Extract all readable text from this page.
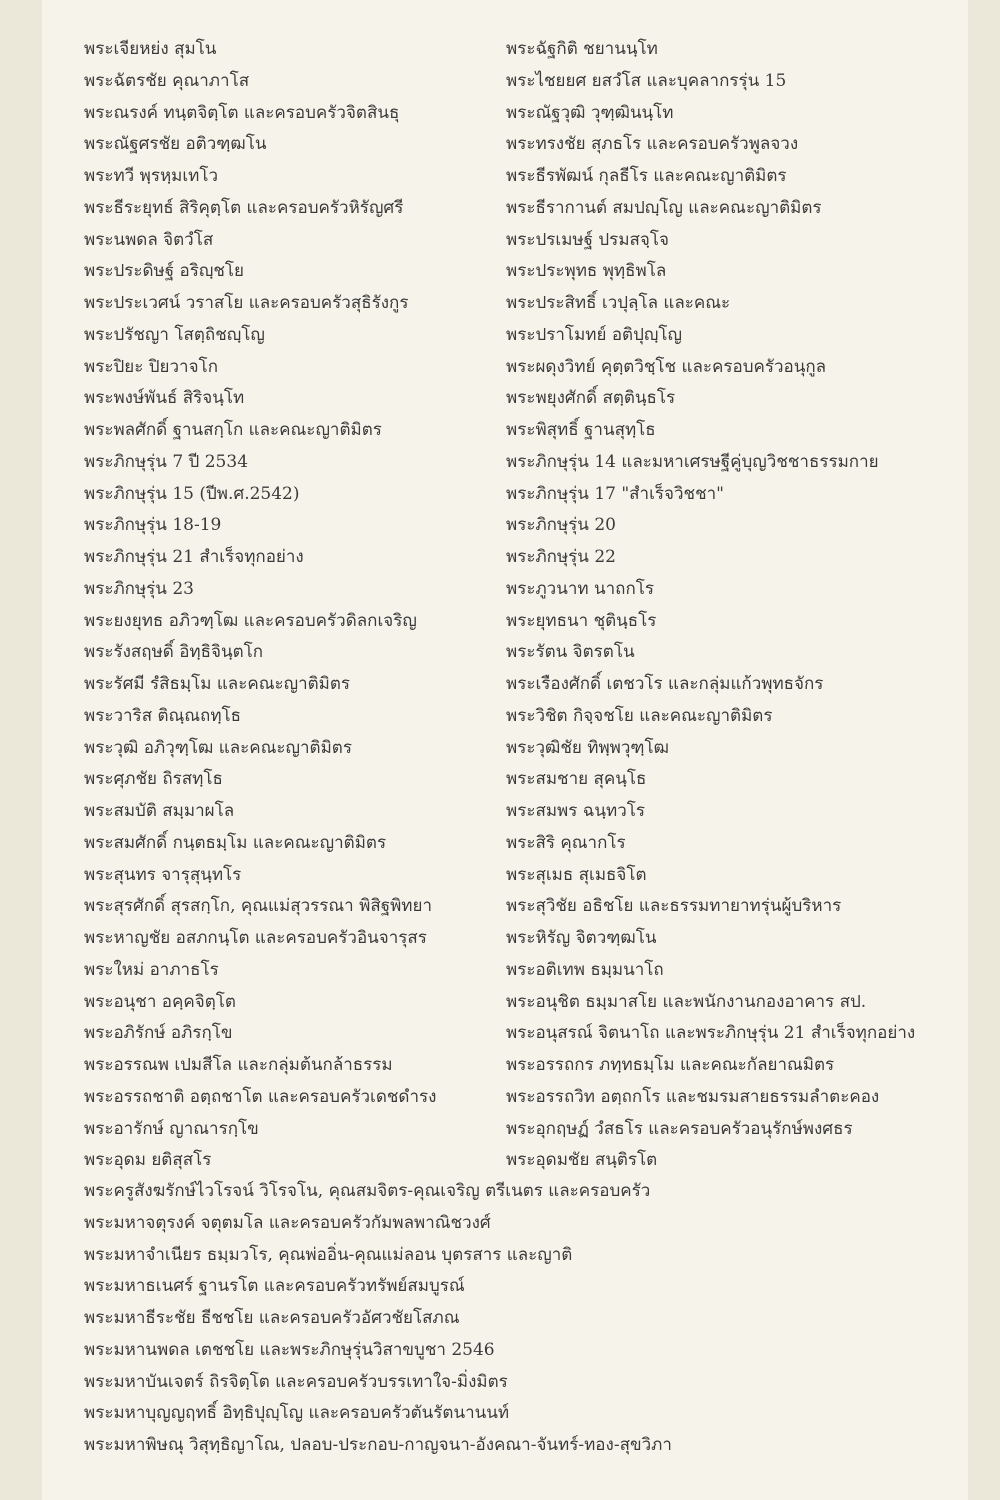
พระเจียหย่ง สุมโน
พระฉัตรชัย คุณาภาโส
พระณรงค์ ทนฺตจิตฺโต และครอบครัวจิตสินธุ
พระณัฐศรชัย อติวฑฺฒโน
พระทวี พฺรหฺมเทโว
พระธีระยุทธ์ สิริคุตฺโต และครอบครัวหิรัญศรี
พระนพดล จิตวํโส
พระประดิษฐ์ อริญฺชโย
พระประเวศน์ วราสโย และครอบครัวสุธิรังกูร
พระปรัชญา โสตฺถิชญฺโญ
พระปิยะ ปิยวาจโก
พระพงษ์พันธ์ สิริจนฺโท
พระพลศักดิ์ ฐานสกฺโก และคณะญาติมิตร
พระภิกษุรุ่น 7 ปี 2534
พระภิกษุรุ่น 15 (ปีพ.ศ.2542)
พระภิกษุรุ่น 18-19
พระภิกษุรุ่น 21 สำเร็จทุกอย่าง
พระภิกษุรุ่น 23
พระยงยุทธ อภิวฑฺโฒ และครอบครัวดิลกเจริญ
พระรังสฤษดิ์ อิทฺธิจินฺตโก
พระรัศมี รํสิธมฺโม และคณะญาติมิตร
พระวาริส ติณฺณถทฺโธ
พระวุฒิ อภิวุฑฺโฒ และคณะญาติมิตร
พระศุภชัย ถิรสทฺโธ
พระสมบัติ สมฺมาผโล
พระสมศักดิ์ กนฺตธมฺโม และคณะญาติมิตร
พระสุนทร จารุสุนฺทโร
พระสุรศักดิ์ สุรสกฺโก, คุณแม่สุวรรณา พิสิฐพิทยา
พระหาญชัย อสภกนฺโต และครอบครัวอินจารุสร
พระใหม่ อาภาธโร
พระอนุชา อคฺคจิตฺโต
พระอภิรักษ์ อภิรกฺโข
พระอรรณพ เปมสีโล และกลุ่มต้นกล้าธรรม
พระอรรถชาติ อตฺถชาโต และครอบครัวเดชดำรง
พระอารักษ์ ญาณารกฺโข
พระอุดม ยติสุสโร
พระฉัฐกิติ ชยานนฺโท
พระไชยยศ ยสวํโส และบุคลากรรุ่น 15
พระณัฐวุฒิ วุฑฺฒินนฺโท
พระทรงชัย สุภธโร และครอบครัวพูลจวง
พระธีรพัฒน์ กุลธีโร และคณะญาติมิตร
พระธีรากานต์ สมปญฺโญ และคณะญาติมิตร
พระปรเมษฐ์ ปรมสจฺโจ
พระประพุทธ พุทฺธิพโล
พระประสิทธิ์ เวปุลฺโล และคณะ
พระปราโมทย์ อติปุญฺโญ
พระผดุงวิทย์ คุตฺตวิชฺโช และครอบครัวอนุกูล
พระพยุงศักดิ์ สตฺตินฺธโร
พระพิสุทธิ์ ฐานสุทฺโธ
พระภิกษุรุ่น 14 และมหาเศรษฐีคู่บุญวิชชาธรรมกาย
พระภิกษุรุ่น 17 "สำเร็จวิชชา"
พระภิกษุรุ่น 20
พระภิกษุรุ่น 22
พระภูวนาท นาถกโร
พระยุทธนา ชุตินฺธโร
พระรัตน จิตรตโน
พระเรืองศักดิ์ เตชวโร และกลุ่มแก้วพุทธจักร
พระวิชิต กิจฺจชโย และคณะญาติมิตร
พระวุฒิชัย ทิพฺพวุฑฺโฒ
พระสมชาย สุคนฺโธ
พระสมพร ฉนฺทวโร
พระสิริ คุณากโร
พระสุเมธ สุเมธจิโต
พระสุวิชัย อธิชโย และธรรมทายาทรุ่นผู้บริหาร
พระหิรัญ จิตวฑฺฒโน
พระอติเทพ ธมฺมนาโถ
พระอนุชิต ธมฺมาสโย และพนักงานกองอาคาร สป.
พระอนุสรณ์ จิตนาโถ และพระภิกษุรุ่น 21 สำเร็จทุกอย่าง
พระอรรถกร ภทฺทธมฺโม และคณะกัลยาณมิตร
พระอรรถวิท อตฺถกโร และชมรมสายธรรมลำตะคอง
พระอุกฤษฏ์ วํสธโร และครอบครัวอนุรักษ์พงศธร
พระอุดมชัย สนฺติรโต
พระครูสังฆรักษ์ไวโรจน์ วิโรจโน, คุณสมจิตร-คุณเจริญ ตรีเนตร และครอบครัว
พระมหาจตุรงค์ จตุตมโล และครอบครัวกัมพลพาณิชวงศ์
พระมหาจำเนียร ธมฺมวโร, คุณพ่ออิ่น-คุณแม่ลอน บุตรสาร และญาติ
พระมหาธเนศร์ ฐานรโต และครอบครัวทรัพย์สมบูรณ์
พระมหาธีระชัย ธีชชโย และครอบครัวอัศวชัยโสภณ
พระมหานพดล เตชชโย และพระภิกษุรุ่นวิสาขบูชา 2546
พระมหาบันเจตร์ ถิรจิตฺโต และครอบครัวบรรเทาใจ-มิ่งมิตร
พระมหาบุญญฤทธิ์ อิทฺธิปุญฺโญ และครอบครัวตันรัตนานนท์
พระมหาพิษณุ วิสุทฺธิญาโณ, ปลอบ-ประกอบ-กาญจนา-อังคณา-จันทร์-ทอง-สุขวิภา
